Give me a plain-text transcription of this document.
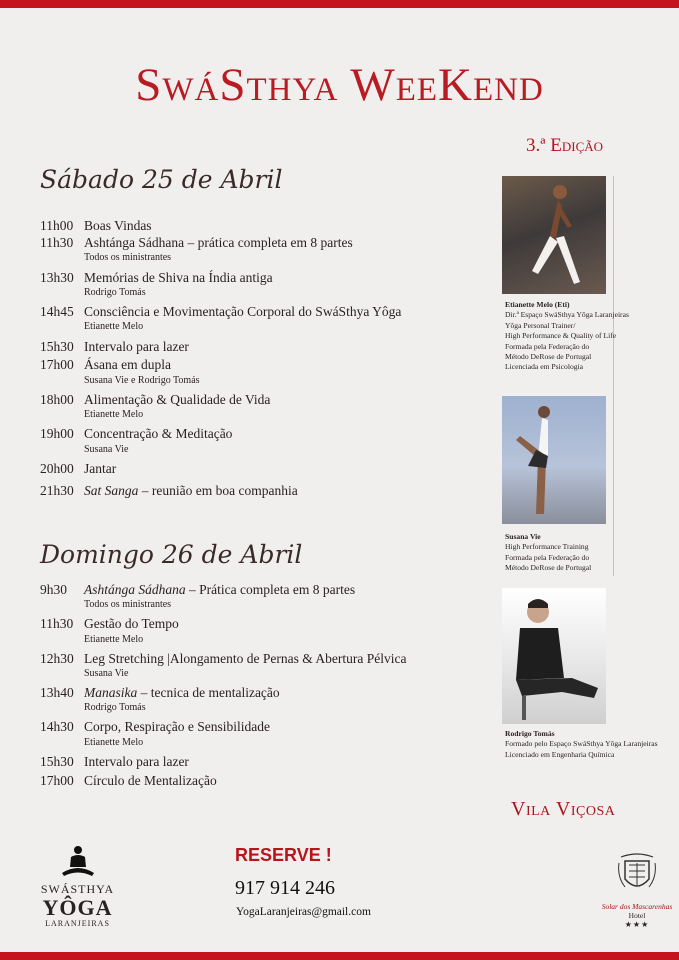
SwáSthya WeeKend
3.ª Edição
Sábado 25 de Abril
11h00 Boas Vindas
11h30 Ashtánga Sádhana – prática completa em 8 partes
Todos os ministrantes
13h30 Memórias de Shiva na Índia antiga
Rodrigo Tomás
14h45 Consciência e Movimentação Corporal do SwáSthya Yôga
Etianette Melo
15h30 Intervalo para lazer
17h00 Ásana em dupla
Susana Vie e Rodrigo Tomás
18h00 Alimentação & Qualidade de Vida
Etianette Melo
19h00 Concentração & Meditação
Susana Vie
20h00 Jantar
21h30 Sat Sanga – reunião em boa companhia
Domingo 26 de Abril
9h30 Ashtánga Sádhana – Prática completa em 8 partes
Todos os ministrantes
11h30 Gestão do Tempo
Etianette Melo
12h30 Leg Stretching |Alongamento de Pernas & Abertura Pélvica
Susana Vie
13h40 Manasika – tecnica de mentalização
Rodrigo Tomás
14h30 Corpo, Respiração e Sensibilidade
Etianette Melo
15h30 Intervalo para lazer
17h00 Círculo de Mentalização
Etianette Melo (Eti)
Dir.ª Espaço SwáSthya Yôga Laranjeiras
Yôga Personal Trainer/
High Performance & Quality of Life
Formada pela Federação do
Método DeRose de Portugal
Licenciada em Psicologia
Susana Vie
High Performance Training
Formada pela Federação do
Método DeRose de Portugal
Rodrigo Tomás
Formado pelo Espaço SwáSthya Yôga Laranjeiras
Licenciado em Engenharia Química
Vila Viçosa
SWÁSTHYA
YÔGA
LARANJEIRAS
RESERVE !
917 914 246
YogaLaranjeiras@gmail.com	Solar dos Mascarenhas
Hotel
★★★
